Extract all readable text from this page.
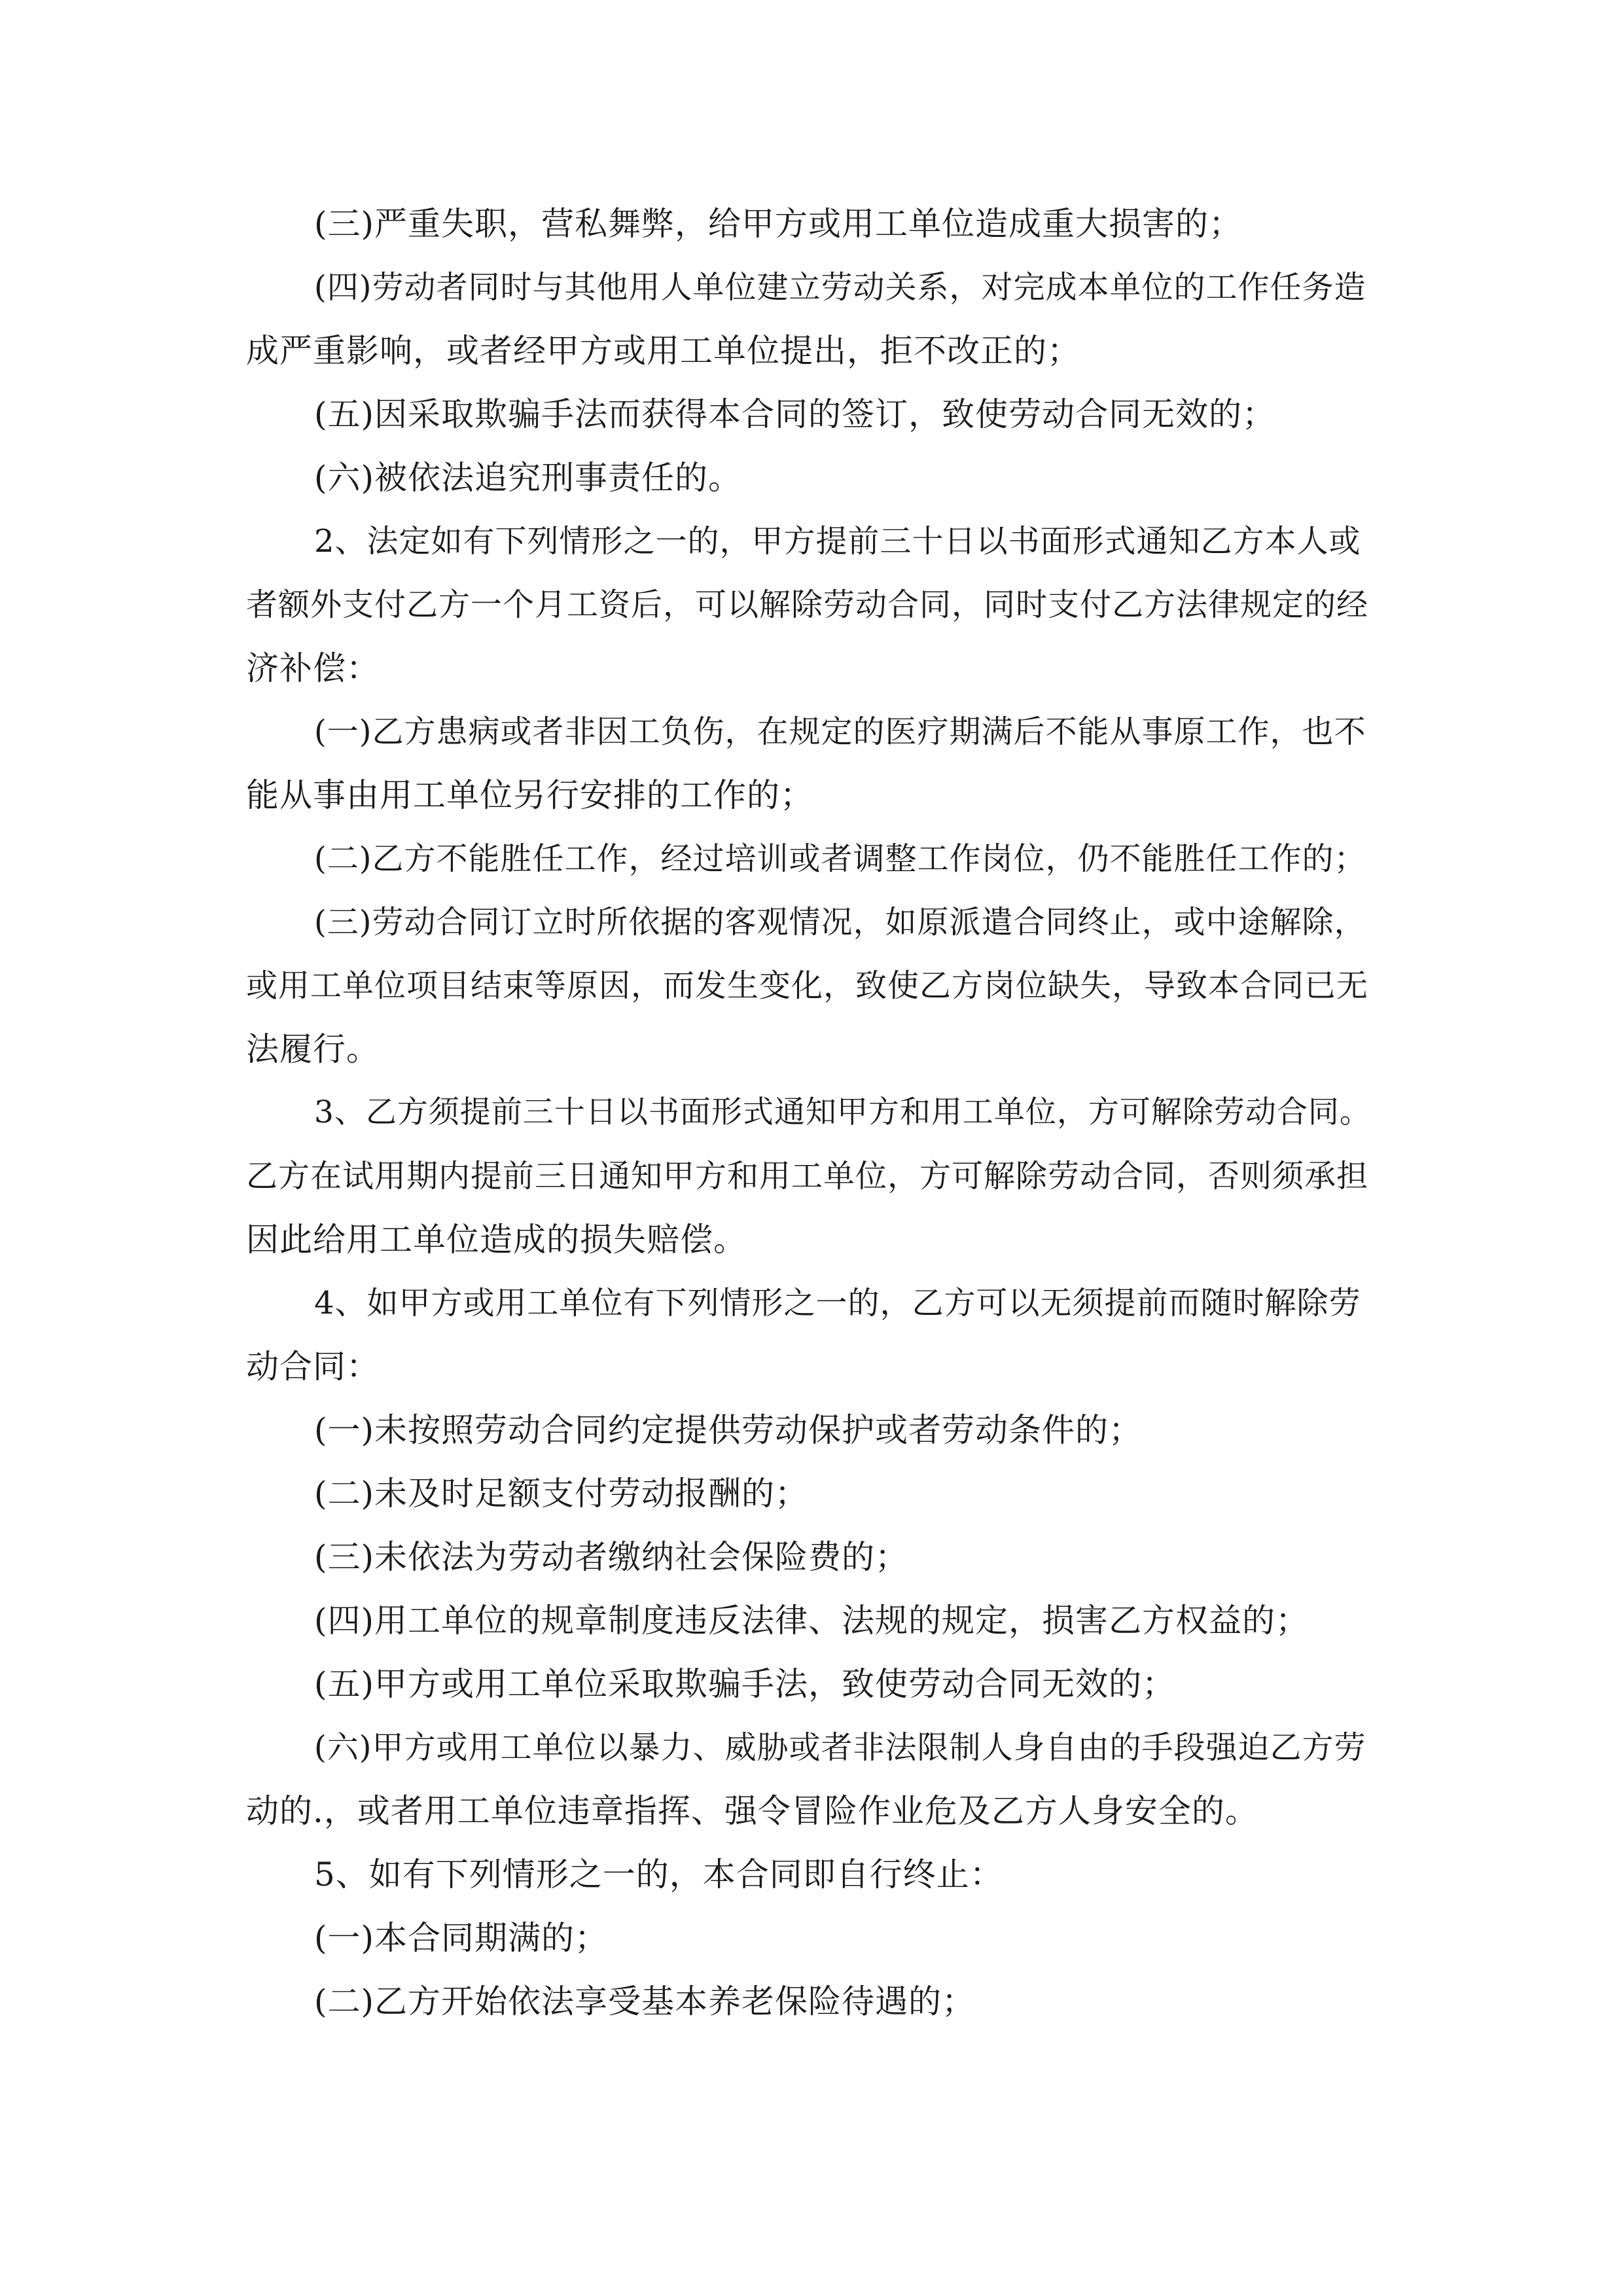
(三)严重失职，营私舞弊，给甲方或用工单位造成重大损害的；
(四)劳动者同时与其他用人单位建立劳动关系，对完成本单位的工作任务造
成严重影响，或者经甲方或用工单位提出，拒不改正的；
(五)因采取欺骗手法而获得本合同的签订，致使劳动合同无效的；
(六)被依法追究刑事责任的。
2、法定如有下列情形之一的，甲方提前三十日以书面形式通知乙方本人或
者额外支付乙方一个月工资后，可以解除劳动合同，同时支付乙方法律规定的经
济补偿：
(一)乙方患病或者非因工负伤，在规定的医疗期满后不能从事原工作，也不
能从事由用工单位另行安排的工作的；
(二)乙方不能胜任工作，经过培训或者调整工作岗位，仍不能胜任工作的；
(三)劳动合同订立时所依据的客观情况，如原派遣合同终止，或中途解除，
或用工单位项目结束等原因，而发生变化，致使乙方岗位缺失，导致本合同已无
法履行。
3、乙方须提前三十日以书面形式通知甲方和用工单位，方可解除劳动合同。
乙方在试用期内提前三日通知甲方和用工单位，方可解除劳动合同，否则须承担
因此给用工单位造成的损失赔偿。
4、如甲方或用工单位有下列情形之一的，乙方可以无须提前而随时解除劳
动合同：
(一)未按照劳动合同约定提供劳动保护或者劳动条件的；
(二)未及时足额支付劳动报酬的；
(三)未依法为劳动者缴纳社会保险费的；
(四)用工单位的规章制度违反法律、法规的规定，损害乙方权益的；
(五)甲方或用工单位采取欺骗手法，致使劳动合同无效的；
(六)甲方或用工单位以暴力、威胁或者非法限制人身自由的手段强迫乙方劳
动的.，或者用工单位违章指挥、强令冒险作业危及乙方人身安全的。
5、如有下列情形之一的，本合同即自行终止：
(一)本合同期满的；
(二)乙方开始依法享受基本养老保险待遇的；
